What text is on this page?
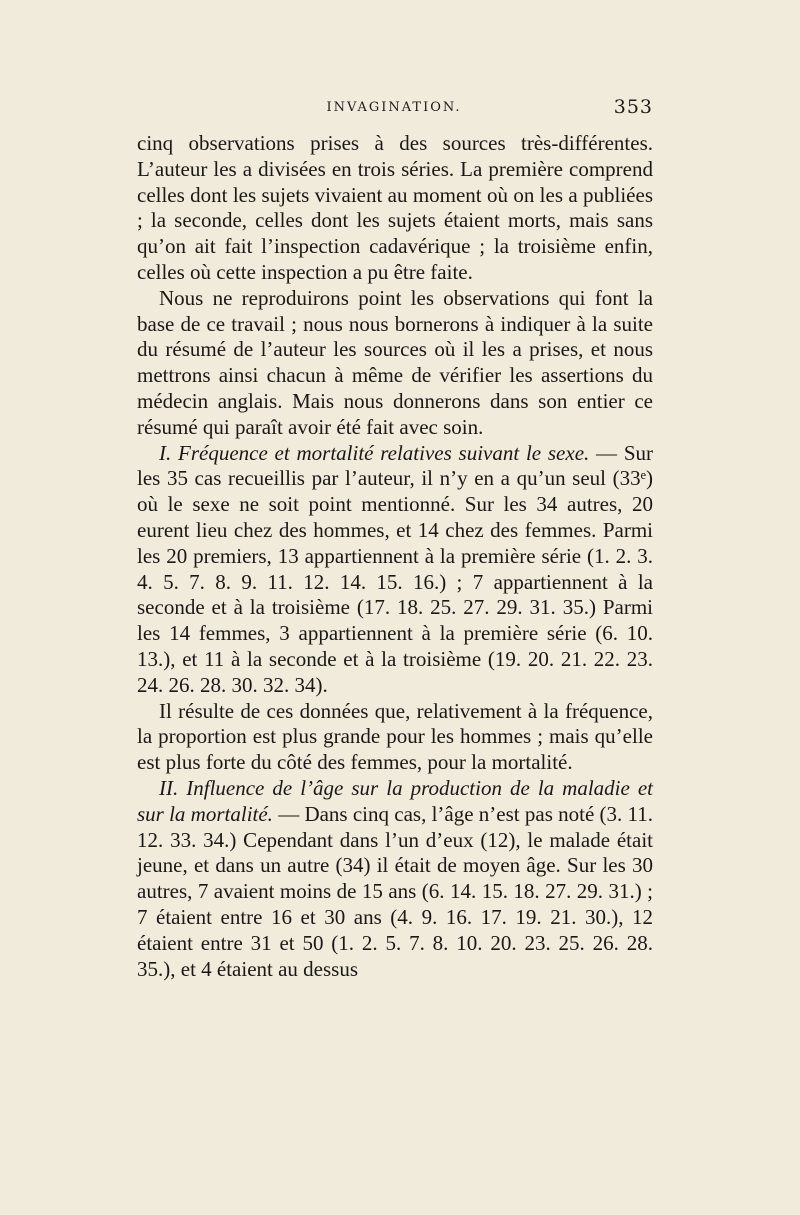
INVAGINATION.	353

cinq observations prises à des sources très-différentes. L’auteur les a divisées en trois séries. La première comprend celles dont les sujets vivaient au moment où on les a publiées ; la seconde, celles dont les sujets étaient morts, mais sans qu’on ait fait l’inspection cadavérique ; la troisième enfin, celles où cette inspection a pu être faite.

Nous ne reproduirons point les observations qui font la base de ce travail ; nous nous bornerons à indiquer à la suite du résumé de l’auteur les sources où il les a prises, et nous mettrons ainsi chacun à même de vérifier les assertions du médecin anglais. Mais nous donnerons dans son entier ce résumé qui paraît avoir été fait avec soin.

I. Fréquence et mortalité relatives suivant le sexe. — Sur les 35 cas recueillis par l’auteur, il n’y en a qu’un seul (33ᵉ) où le sexe ne soit point mentionné. Sur les 34 autres, 20 eurent lieu chez des hommes, et 14 chez des femmes. Parmi les 20 premiers, 13 appartiennent à la première série (1. 2. 3. 4. 5. 7. 8. 9. 11. 12. 14. 15. 16.) ; 7 appartiennent à la seconde et à la troisième (17. 18. 25. 27. 29. 31. 35.) Parmi les 14 femmes, 3 appartiennent à la première série (6. 10. 13.), et 11 à la seconde et à la troisième (19. 20. 21. 22. 23. 24. 26. 28. 30. 32. 34).

Il résulte de ces données que, relativement à la fréquence, la proportion est plus grande pour les hommes ; mais qu’elle est plus forte du côté des femmes, pour la mortalité.

II. Influence de l’âge sur la production de la maladie et sur la mortalité. — Dans cinq cas, l’âge n’est pas noté (3. 11. 12. 33. 34.) Cependant dans l’un d’eux (12), le malade était jeune, et dans un autre (34) il était de moyen âge. Sur les 30 autres, 7 avaient moins de 15 ans (6. 14. 15. 18. 27. 29. 31.) ; 7 étaient entre 16 et 30 ans (4. 9. 16. 17. 19. 21. 30.), 12 étaient entre 31 et 50 (1. 2. 5. 7. 8. 10. 20. 23. 25. 26. 28. 35.), et 4 étaient au dessus
